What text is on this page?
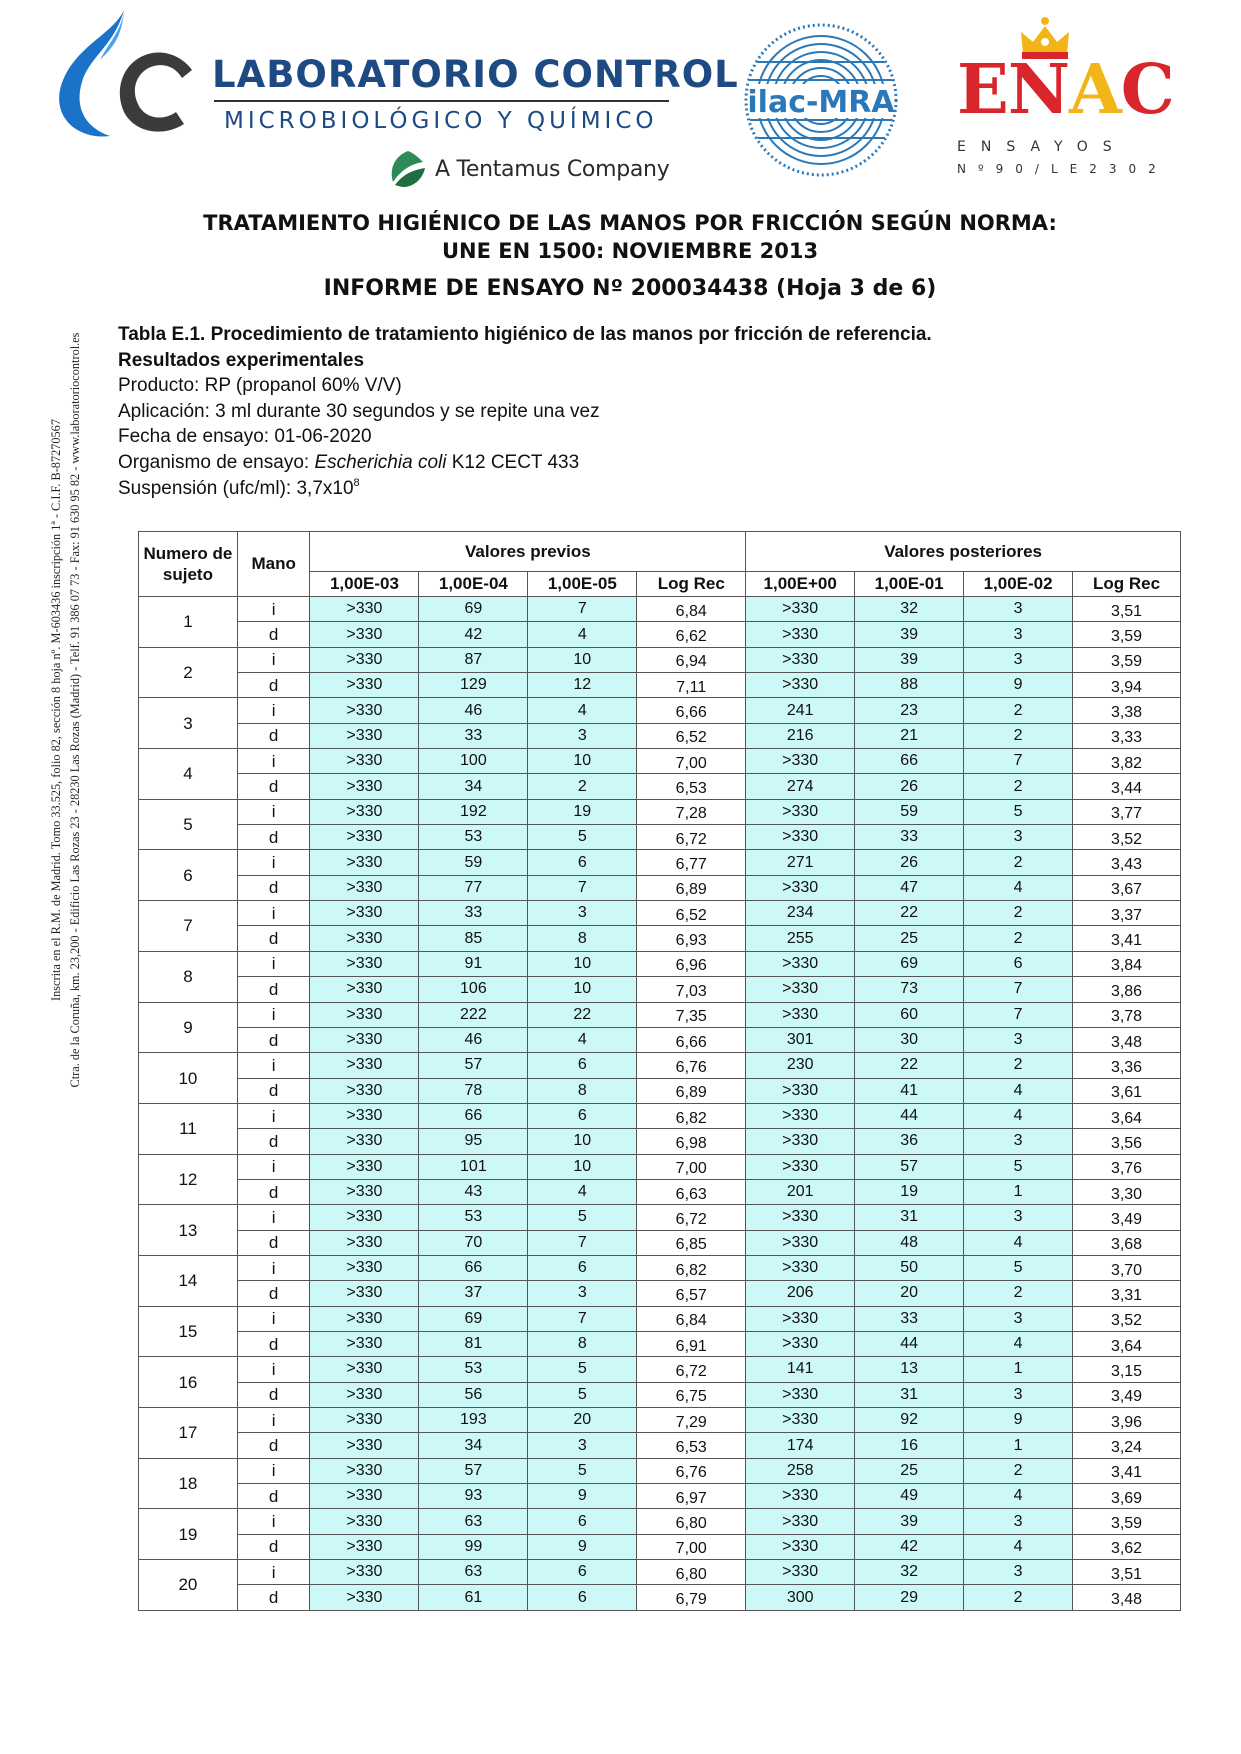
LABORATORIO CONTROL
MICROBIOLÓGICO Y QUÍMICO
A Tentamus Company
ilac-MRA ENAC
ENSAYOS
Nº90/LE2302
Inscrita en el R.M. de Madrid. Tomo 33.525, folio 82, sección 8 hoja nº. M-603436 inscripción 1ª - C.I.F. B-87270567 Ctra. de la Coruña, km. 23,200 - Edificio Las Rozas 23 - 28230 Las Rozas (Madrid) - Telf. 91 386 07 73 - Fax: 91 630 95 82 - www.laboratoriocontrol.es
TRATAMIENTO HIGIÉNICO DE LAS MANOS POR FRICCIÓN SEGÚN NORMA:
UNE EN 1500: NOVIEMBRE 2013
INFORME DE ENSAYO Nº 200034438 (Hoja 3 de 6)
Tabla E.1. Procedimiento de tratamiento higiénico de las manos por fricción de referencia.
Resultados experimentales
Producto: RP (propanol 60% V/V)
Aplicación: 3 ml durante 30 segundos y se repite una vez
Fecha de ensayo: 01-06-2020
Organismo de ensayo: Escherichia coli K12 CECT 433
Suspensión (ufc/ml): $3,7x10^8$
Numero de sujeto	Mano	Valores previos				Valores posteriores			
		1,00E-03	1,00E-04	1,00E-05	Log Rec	1,00E+00	1,00E-01	1,00E-02	Log Rec
1	i	>330	69	7	6,84	>330	32	3	3,51
	d	>330	42	4	6,62	>330	39	3	3,59
2	i	>330	87	10	6,94	>330	39	3	3,59
	d	>330	129	12	7,11	>330	88	9	3,94
3	i	>330	46	4	6,66	241	23	2	3,38
	d	>330	33	3	6,52	216	21	2	3,33
4	i	>330	100	10	7,00	>330	66	7	3,82
	d	>330	34	2	6,53	274	26	2	3,44
5	i	>330	192	19	7,28	>330	59	5	3,77
	d	>330	53	5	6,72	>330	33	3	3,52
6	i	>330	59	6	6,77	271	26	2	3,43
	d	>330	77	7	6,89	>330	47	4	3,67
7	i	>330	33	3	6,52	234	22	2	3,37
	d	>330	85	8	6,93	255	25	2	3,41
8	i	>330	91	10	6,96	>330	69	6	3,84
	d	>330	106	10	7,03	>330	73	7	3,86
9	i	>330	222	22	7,35	>330	60	7	3,78
	d	>330	46	4	6,66	301	30	3	3,48
10	i	>330	57	6	6,76	230	22	2	3,36
	d	>330	78	8	6,89	>330	41	4	3,61
11	i	>330	66	6	6,82	>330	44	4	3,64
	d	>330	95	10	6,98	>330	36	3	3,56
12	i	>330	101	10	7,00	>330	57	5	3,76
	d	>330	43	4	6,63	201	19	1	3,30
13	i	>330	53	5	6,72	>330	31	3	3,49
	d	>330	70	7	6,85	>330	48	4	3,68
14	i	>330	66	6	6,82	>330	50	5	3,70
	d	>330	37	3	6,57	206	20	2	3,31
15	i	>330	69	7	6,84	>330	33	3	3,52
	d	>330	81	8	6,91	>330	44	4	3,64
16	i	>330	53	5	6,72	141	13	1	3,15
	d	>330	56	5	6,75	>330	31	3	3,49
17	i	>330	193	20	7,29	>330	92	9	3,96
	d	>330	34	3	6,53	174	16	1	3,24
18	i	>330	57	5	6,76	258	25	2	3,41
	d	>330	93	9	6,97	>330	49	4	3,69
19	i	>330	63	6	6,80	>330	39	3	3,59
	d	>330	99	9	7,00	>330	42	4	3,62
20	i	>330	63	6	6,80	>330	32	3	3,51
	d	>330	61	6	6,79	300	29	2	3,48
